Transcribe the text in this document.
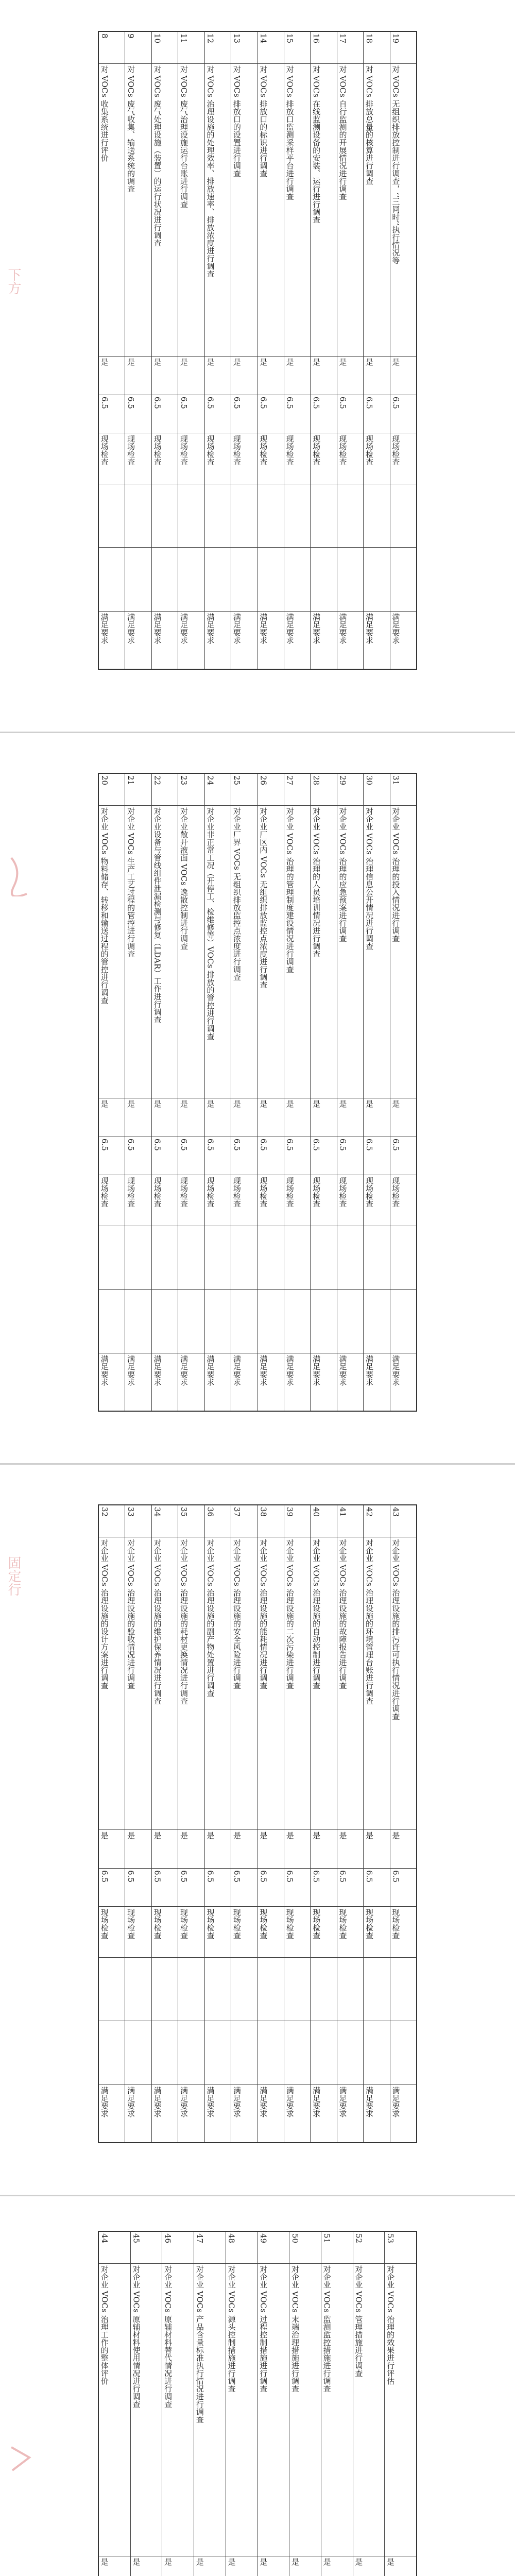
下方
固定行
8
对 VOCs 收集系统进行评价
是
6.5
现场检查
满足要求
9
对 VOCs 废气收集、输送系统的调查
是
6.5
现场检查
满足要求
10
对 VOCs 废气处理设施（装置）的运行状况进行调查
是
6.5
现场检查
满足要求
11
对 VOCs 废气治理设施运行台账进行调查
是
6.5
现场检查
满足要求
12
对 VOCs 治理设施的处理效率、排放速率、排放浓度进行调查
是
6.5
现场检查
满足要求
13
对 VOCs 排放口的设置进行调查
是
6.5
现场检查
满足要求
14
对 VOCs 排放口的标识进行调查
是
6.5
现场检查
满足要求
15
对 VOCs 排放口监测采样平台进行调查
是
6.5
现场检查
满足要求
16
对 VOCs 在线监测设备的安装、运行进行调查
是
6.5
现场检查
满足要求
17
对 VOCs 自行监测的开展情况进行调查
是
6.5
现场检查
满足要求
18
对 VOCs 排放总量的核算进行调查
是
6.5
现场检查
满足要求
19
对 VOCs 无组织排放控制进行调查，‘‘三同时’’执行情况等
是
6.5
现场检查
满足要求
20
对企业 VOCs 物料储存、转移和输送过程的管控进行调查
是
6.5
现场检查
满足要求
21
对企业 VOCs 生产工艺过程的管控进行调查
是
6.5
现场检查
满足要求
22
对企业设备与管线组件泄漏检测与修复（LDAR）工作进行调查
是
6.5
现场检查
满足要求
23
对企业敞开液面 VOCs 逸散控制进行调查
是
6.5
现场检查
满足要求
24
对企业非正常工况（开停工、检维修等）VOCs 排放的管控进行调查
是
6.5
现场检查
满足要求
25
对企业厂界 VOCs 无组织排放监控点浓度进行调查
是
6.5
现场检查
满足要求
26
对企业厂区内 VOCs 无组织排放监控点浓度进行调查
是
6.5
现场检查
满足要求
27
对企业 VOCs 治理的管理制度建设情况进行调查
是
6.5
现场检查
满足要求
28
对企业 VOCs 治理的人员培训情况进行调查
是
6.5
现场检查
满足要求
29
对企业 VOCs 治理的应急预案进行调查
是
6.5
现场检查
满足要求
30
对企业 VOCs 治理信息公开情况进行调查
是
6.5
现场检查
满足要求
31
对企业 VOCs 治理的投入情况进行调查
是
6.5
现场检查
满足要求
32
对企业 VOCs 治理设施的设计方案进行调查
是
6.5
现场检查
满足要求
33
对企业 VOCs 治理设施的验收情况进行调查
是
6.5
现场检查
满足要求
34
对企业 VOCs 治理设施的维护保养情况进行调查
是
6.5
现场检查
满足要求
35
对企业 VOCs 治理设施的耗材更换情况进行调查
是
6.5
现场检查
满足要求
36
对企业 VOCs 治理设施的副产物处置进行调查
是
6.5
现场检查
满足要求
37
对企业 VOCs 治理设施的安全风险进行调查
是
6.5
现场检查
满足要求
38
对企业 VOCs 治理设施的能耗情况进行调查
是
6.5
现场检查
满足要求
39
对企业 VOCs 治理设施的二次污染进行调查
是
6.5
现场检查
满足要求
40
对企业 VOCs 治理设施的自动控制进行调查
是
6.5
现场检查
满足要求
41
对企业 VOCs 治理设施的故障报告进行调查
是
6.5
现场检查
满足要求
42
对企业 VOCs 治理设施的环境管理台账进行调查
是
6.5
现场检查
满足要求
43
对企业 VOCs 治理设施的排污许可执行情况进行调查
是
6.5
现场检查
满足要求
44
对企业 VOCs 治理工作的整体评价
是
45
对企业 VOCs 原辅材料使用情况进行调查
是
46
对企业 VOCs 原辅材料替代情况进行调查
是
47
对企业 VOCs 产品含量标准执行情况进行调查
是
48
对企业 VOCs 源头控制措施进行调查
是
49
对企业 VOCs 过程控制措施进行调查
是
50
对企业 VOCs 末端治理措施进行调查
是
51
对企业 VOCs 监测监控措施进行调查
是
52
对企业 VOCs 管理措施进行调查
是
53
对企业 VOCs 治理的效果进行评估
是
